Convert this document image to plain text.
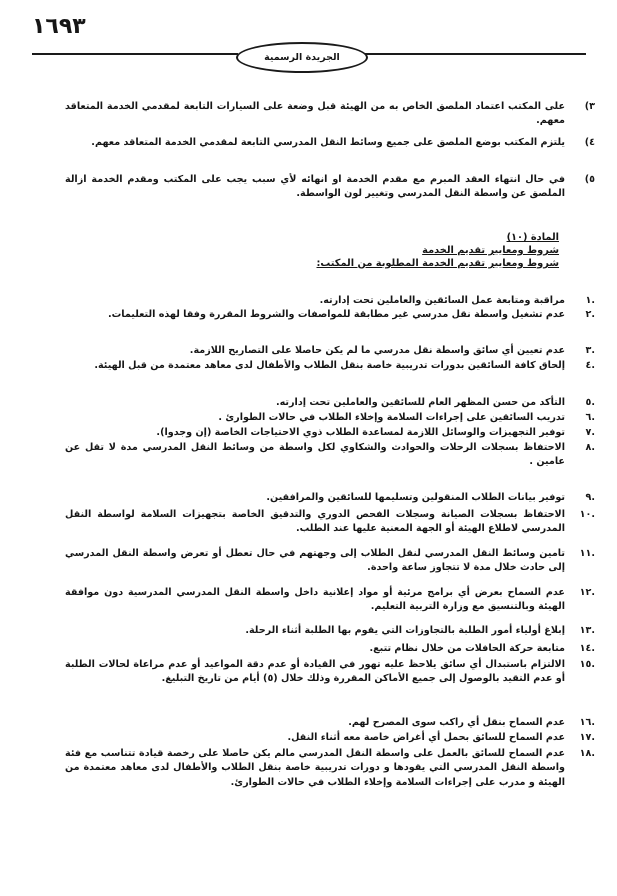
١٦٩٣
الجريدة الرسمية
٣)
على المكتب اعتماد الملصق الخاص به من الهيئة قبل وضعة على السيارات التابعة لمقدمي الخدمة المتعاقد معهم.
٤)
يلتزم المكتب بوضع الملصق على جميع وسائط النقل المدرسي التابعة لمقدمي الخدمة المتعاقد معهم.
٥)
في حال انتهاء العقد المبرم مع مقدم الخدمة او انهائه لأي سبب يجب على المكتب ومقدم الخدمة ازالة الملصق عن واسطة النقل المدرسي وتغيير لون الواسطة.
المادة (١٠)
شروط ومعايير تقديم الخدمة
شروط ومعايير تقديم الخدمة المطلوبة من المكتب:
.١
مراقبة ومتابعة عمل السائقين والعاملين تحت إدارته.
.٢
عدم تشغيل واسطة نقل مدرسي غير مطابقة للمواصفات والشروط المقررة وفقا لهذه التعليمات.
.٣
عدم تعيين أي سائق واسطة نقل مدرسي ما لم يكن حاصلا على التصاريح اللازمة.
.٤
إلحاق كافة السائقين بدورات تدريبية خاصة بنقل الطلاب والأطفال لدى معاهد معتمدة من قبل الهيئة.
.٥
التأكد من حسن المظهر العام للسائقين والعاملين تحت إدارته.
.٦
تدريب السائقين على إجراءات السلامة وإخلاء الطلاب في حالات الطوارئ .
.٧
توفير التجهيزات والوسائل اللازمة لمساعدة الطلاب ذوي الاحتياجات الخاصة (إن وجدوا).
.٨
الاحتفاظ بسجلات الرحلات والحوادث والشكاوي لكل واسطة من وسائط النقل المدرسي مدة لا تقل عن عامين .
.٩
توفير بيانات الطلاب المنقولين وتسليمها للسائقين والمرافقين.
.١٠
الاحتفاظ بسجلات الصيانة وسجلات الفحص الدوري والتدقيق الخاصة بتجهيزات السلامة لواسطة النقل المدرسي لاطلاع الهيئة أو الجهة المعنية عليها عند الطلب.
.١١
تامين وسائط النقل المدرسي لنقل الطلاب إلى وجهتهم في حال تعطل أو تعرض واسطة النقل المدرسي إلى حادث خلال مدة لا تتجاوز ساعة واحدة.
.١٢
عدم السماح بعرض أي برامج مرئية أو مواد إعلانية داخل واسطة النقل المدرسي المدرسية دون موافقة الهيئة وبالتنسيق مع وزارة التربية التعليم.
.١٣
إبلاغ أولياء أمور الطلبة بالتجاوزات التي يقوم بها الطلبة أثناء الرحلة.
.١٤
متابعة حركة الحافلات من خلال نظام تتبع.
.١٥
الالتزام باستبدال أي سائق يلاحظ عليه تهور في القيادة أو عدم دقة المواعيد أو عدم مراعاة لحالات الطلبة أو عدم التقيد بالوصول إلى جميع الأماكن المقررة وذلك خلال (٥) أيام من تاريخ التبليغ.
.١٦
عدم السماح بنقل أي راكب سوى المصرح لهم.
.١٧
عدم السماح للسائق بحمل أي أغراض خاصة معه أثناء النقل.
.١٨
عدم السماح للسائق بالعمل على واسطة النقل المدرسي مالم يكن حاصلا على رخصة قيادة تتناسب مع فئة واسطة النقل المدرسي التي يقودها و دورات تدريبية خاصة بنقل الطلاب والأطفال لدى معاهد معتمدة من الهيئة و مدرب على إجراءات السلامة وإخلاء الطلاب في حالات الطوارئ.
